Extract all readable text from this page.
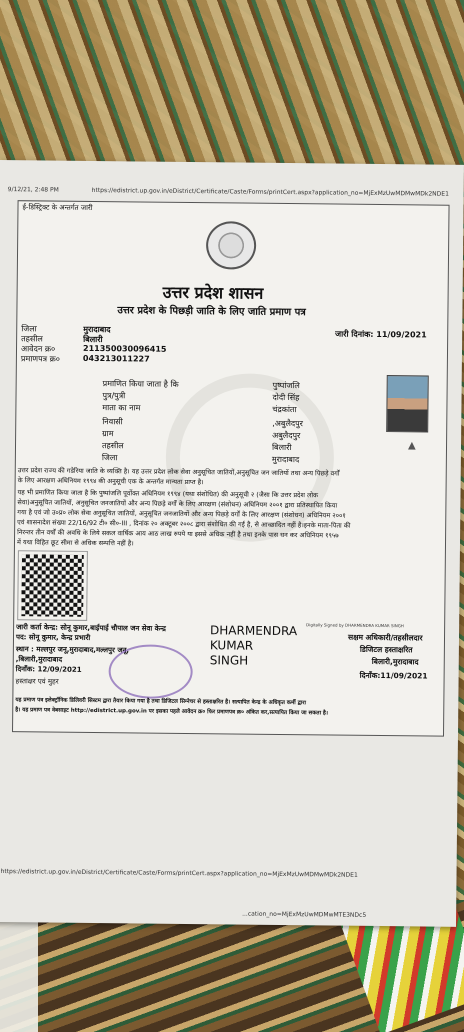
9/12/21, 2:48 PM	https://edistrict.up.gov.in/eDistrict/Certificate/Caste/Forms/printCert.aspx?application_no=MjExMzUwMDMwMDk2NDE1
ई-डिस्ट्रिक्ट के अन्तर्गत जारी
उत्तर प्रदेश शासन
उत्तर प्रदेश के पिछड़ी जाति के लिए जाति प्रमाण पत्र
जिला	मुरादाबाद
तहसील	बिलारी
आवेदन क्र०	211350030096415
प्रमाणपत्र क्र०	043213011227
जारी दिनांक: 11/09/2021
प्रमाणित किया जाता है कि	पुष्पांजलि
पुत्र/पुत्री	दोदी सिंह
माता का नाम	चंद्रकांता
निवासी	,अबुलैदपुर
ग्राम	अबुलैदपुर
तहसील	बिलारी
जिला	मुरादाबाद
▲
उत्तर प्रदेश राज्य की गडेरिया जाति के व्यक्ति है। यह उत्तर प्रदेश लोक सेवा अनुसूचित जातियों,अनुसूचित जन जातियों तथा अन्य पिछड़े वर्गों
के लिए आरक्षण अधिनियम १९९४ की अनुसूची एक के अन्तर्गत मान्यता प्राप्त है।
यह भी प्रमाणित किया जाता है कि पुष्पांजलि पूर्वोक्त अधिनियम १९९४ (यथा संशोधित) की अनुसूची २ (जैसा कि उत्तर प्रदेश लोक
सेवा)अनुसूचित जातियों, अनुसूचित जनजातियों और अन्य पिछड़े वर्गों के लिए आरक्षण (संशोधन) अधिनियम २००१ द्वारा प्रतिस्थापित किया
गया है एवं जो उ०प्र० लोक सेवा अनुसूचित जातियों, अनुसूचित जनजातियों और अन्य पिछड़े वर्गों के लिए आरक्षण (संशोधन) अधिनियम २००१
एवं शासनादेश संख्या 22/16/92 टी० सी०-III , दिनांक २० अक्टूबर २००८ द्वारा संशोधित की गई है, से आच्छादित नहीं है।इनके माता-पिता की
निरन्तर तीन वर्षों की अवधि के लिये सकल वार्षिक आय आठ लाख रुपये या इससे अधिक नहीं है तथा इनके पास धन कर अधिनियम १९५७
में यथा विहित छूट सीमा से अधिक सम्पत्ति नहीं है।
जारी कर्ता केन्द्र: सोनू कुमार,बाईपाई चौपाल जन सेवा केन्द्र
पद: सोनू कुमार, केन्द्र प्रभारी
स्थान : मल्लपुर जनू,मुरादाबाद,मल्लपुर जनू,
,बिलारी,मुरादाबाद
दिनाँक: 12/09/2021
हस्ताक्षर एवं मुहर
DHARMENDRA
KUMAR
SINGH
Digitally Signed by DHARMENDRA KUMAR SINGH
सक्षम अधिकारी/तहसीलदार
डिजिटल हस्ताक्षरित
बिलारी,मुरादाबाद
दिनाँक:11/09/2021
यह प्रमाण पत्र इलेक्ट्रॉनिक डिलिवरी सिस्टम द्वारा तैयार किया गया है तथा डिजिटल सिग्नेचर से हस्ताक्षरित है। सत्यापित केन्द्र के अधिकृत कर्मी द्वारा
है। यह प्रमाण पत्र वेबसाइट http://edistrict.up.gov.in पर इसका पहले आवेदन क्र० फिर प्रमाणपत्र क्र० अंकित कर,सत्यापित किया जा सकता है।
https://edistrict.up.gov.in/eDistrict/Certificate/Caste/Forms/printCert.aspx?application_no=MjExMzUwMDMwMDk2NDE1
...cation_no=MjExMzUwMDMwMTE3NDc5
